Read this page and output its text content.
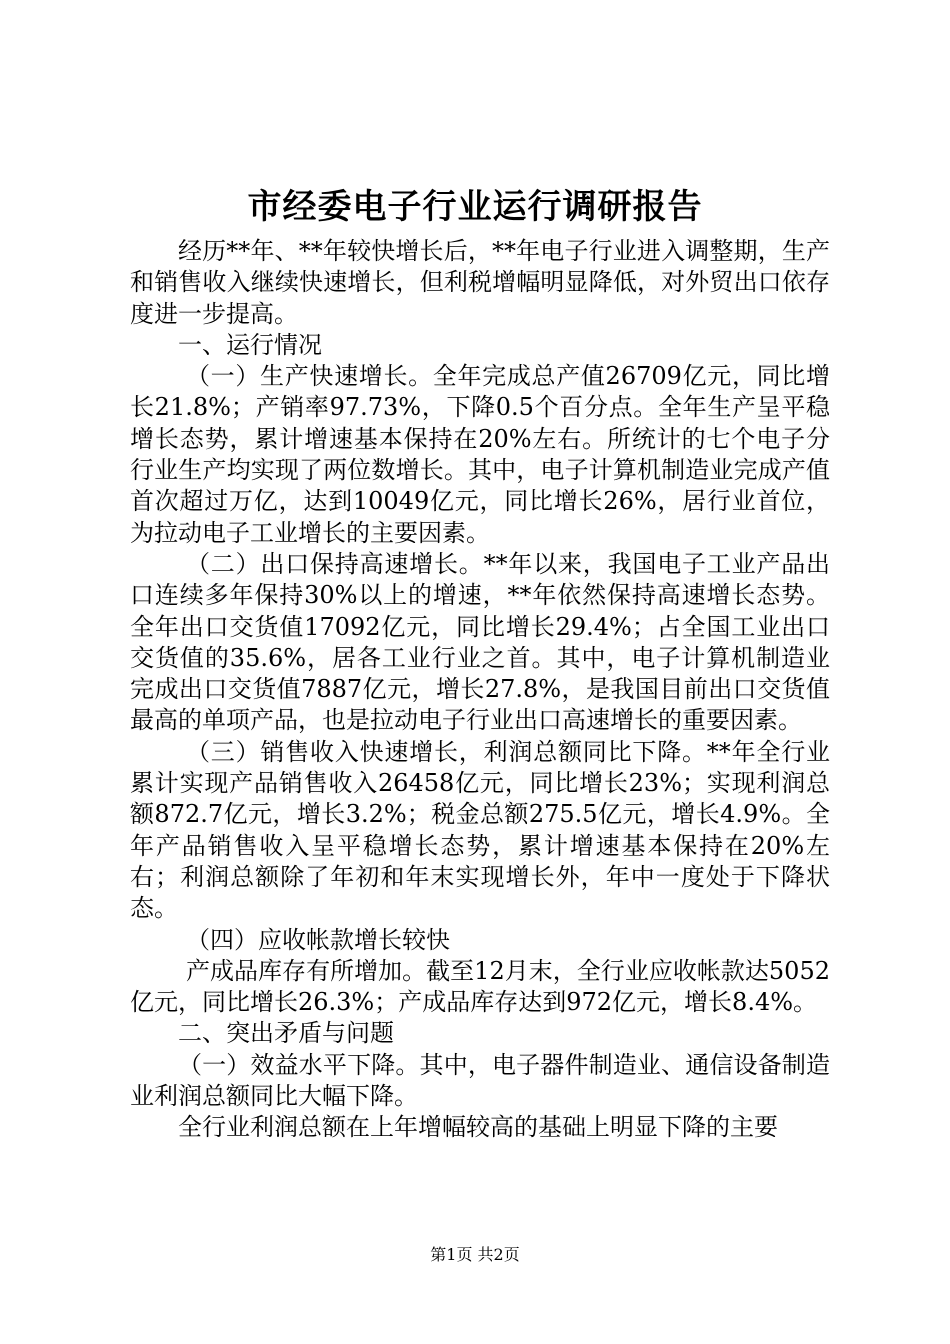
市经委电子行业运行调研报告

经历**年、**年较快增长后，**年电子行业进入调整期，生产和销售收入继续快速增长，但利税增幅明显降低，对外贸出口依存度进一步提高。

一、运行情况

（一）生产快速增长。全年完成总产值26709亿元，同比增长21.8%；产销率97.73%，下降0.5个百分点。全年生产呈平稳增长态势，累计增速基本保持在20%左右。所统计的七个电子分行业生产均实现了两位数增长。其中，电子计算机制造业完成产值首次超过万亿，达到10049亿元，同比增长26%，居行业首位，为拉动电子工业增长的主要因素。

（二）出口保持高速增长。**年以来，我国电子工业产品出口连续多年保持30%以上的增速，**年依然保持高速增长态势。全年出口交货值17092亿元，同比增长29.4%；占全国工业出口交货值的35.6%，居各工业行业之首。其中，电子计算机制造业完成出口交货值7887亿元，增长27.8%，是我国目前出口交货值最高的单项产品，也是拉动电子行业出口高速增长的重要因素。

（三）销售收入快速增长，利润总额同比下降。**年全行业累计实现产品销售收入26458亿元，同比增长23%；实现利润总额872.7亿元，增长3.2%；税金总额275.5亿元，增长4.9%。全年产品销售收入呈平稳增长态势，累计增速基本保持在20%左右；利润总额除了年初和年末实现增长外，年中一度处于下降状态。

（四）应收帐款增长较快

产成品库存有所增加。截至12月末，全行业应收帐款达5052亿元，同比增长26.3%；产成品库存达到972亿元，增长8.4%。

二、突出矛盾与问题

（一）效益水平下降。其中，电子器件制造业、通信设备制造业利润总额同比大幅下降。

全行业利润总额在上年增幅较高的基础上明显下降的主要

第1页 共2页
